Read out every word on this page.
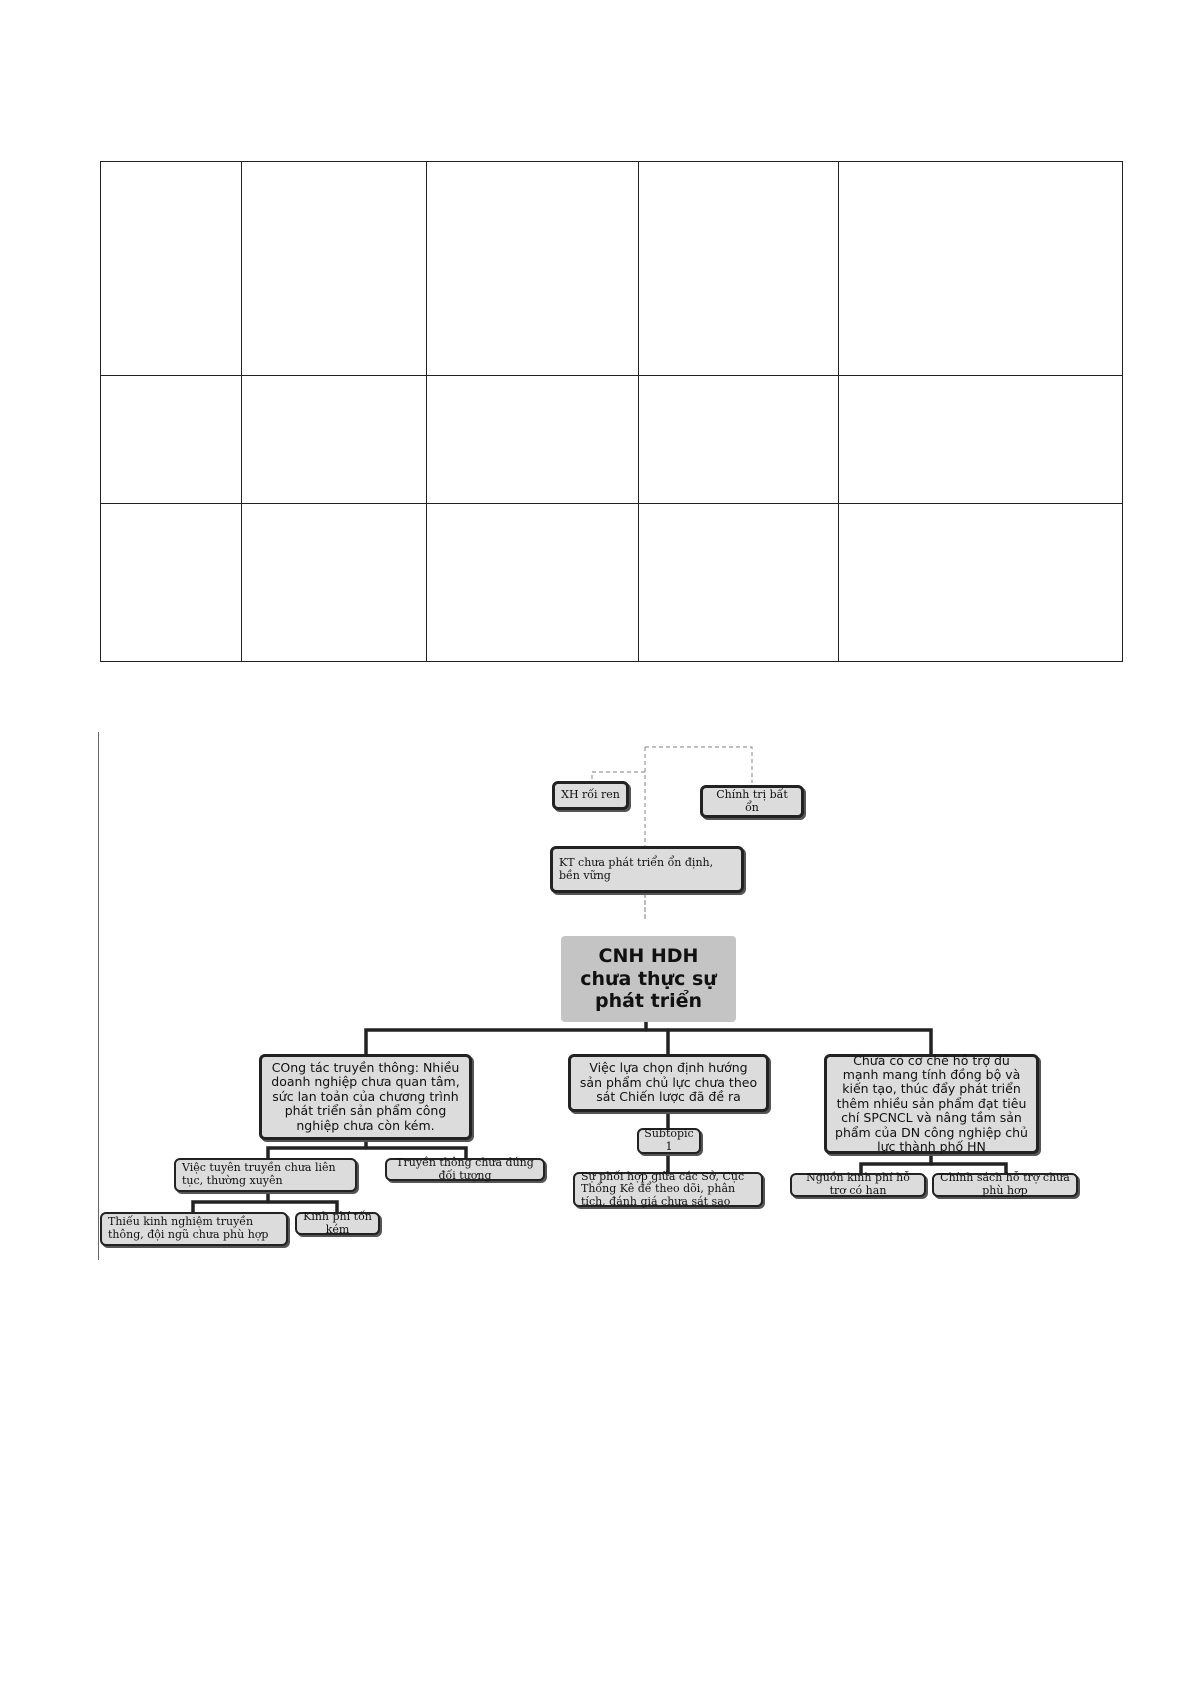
XH rối ren	Chính trị bất ổn
KT chưa phát triển ổn định,
bền vững
CNH HDH
chưa thực sự
phát triển
COng tác truyền thông: Nhiều doanh nghiệp chưa quan tâm, sức lan toản của chương trình phát triển sản phẩm công nghiệp chưa còn kém.
Việc lựa chọn định hướng sản phẩm chủ lực chưa theo sát Chiến lược đã đề ra
Chưa có cơ chế hỗ trợ đủ mạnh mang tính đồng bộ và kiến tạo, thúc đẩy phát triển thêm nhiều sản phẩm đạt tiêu chí SPCNCL và nâng tầm sản phẩm của DN công nghiệp chủ lực thành phố HN
Việc tuyên truyền chưa liên tục, thường xuyên
Truyền thông chưa đúng đối tượng
Thiếu kinh nghiệm truyền thông, đội ngũ chưa phù hợp
Kinh phí tốn kém
Subtopic 1
Sự phối hợp giữa các Sở, Cục Thống Kê để theo dõi, phân tích, đánh giá chưa sát sao
Nguồn kinh phí hỗ trợ có hạn
Chính sách hỗ trợ chưa phù hợp
